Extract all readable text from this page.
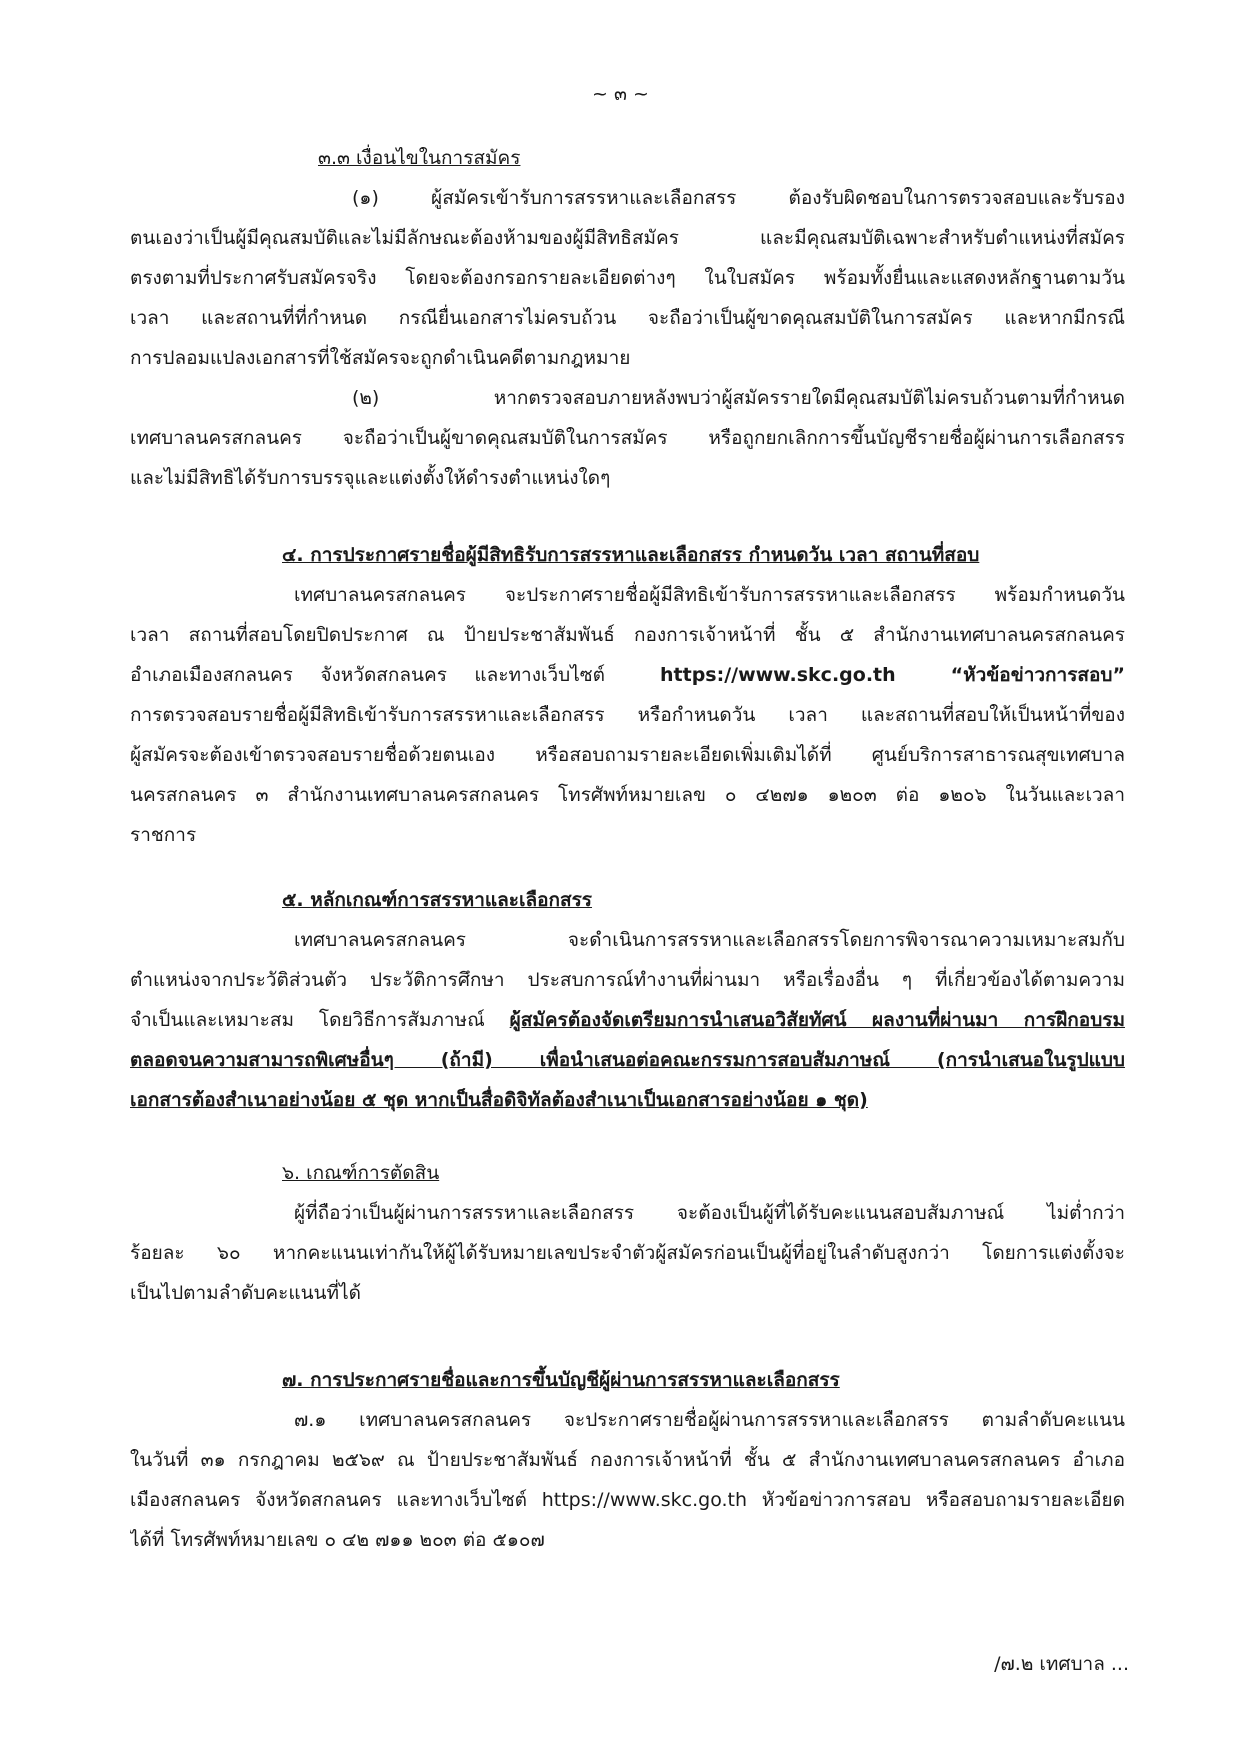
~ ๓ ~
๓.๓ เงื่อนไขในการสมัคร
(๑) ผู้สมัครเข้ารับการสรรหาและเลือกสรร ต้องรับผิดชอบในการตรวจสอบและรับรอง
ตนเองว่าเป็นผู้มีคุณสมบัติและไม่มีลักษณะต้องห้ามของผู้มีสิทธิสมัคร และมีคุณสมบัติเฉพาะสำหรับตำแหน่งที่สมัคร
ตรงตามที่ประกาศรับสมัครจริง โดยจะต้องกรอกรายละเอียดต่างๆ ในใบสมัคร พร้อมทั้งยื่นและแสดงหลักฐานตามวัน
เวลา และสถานที่ที่กำหนด กรณียื่นเอกสารไม่ครบถ้วน จะถือว่าเป็นผู้ขาดคุณสมบัติในการสมัคร และหากมีกรณี
การปลอมแปลงเอกสารที่ใช้สมัครจะถูกดำเนินคดีตามกฎหมาย
(๒) หากตรวจสอบภายหลังพบว่าผู้สมัครรายใดมีคุณสมบัติไม่ครบถ้วนตามที่กำหนด
เทศบาลนครสกลนคร จะถือว่าเป็นผู้ขาดคุณสมบัติในการสมัคร หรือถูกยกเลิกการขึ้นบัญชีรายชื่อผู้ผ่านการเลือกสรร
และไม่มีสิทธิได้รับการบรรจุและแต่งตั้งให้ดำรงตำแหน่งใดๆ
๔. การประกาศรายชื่อผู้มีสิทธิรับการสรรหาและเลือกสรร กำหนดวัน เวลา สถานที่สอบ
เทศบาลนครสกลนคร จะประกาศรายชื่อผู้มีสิทธิเข้ารับการสรรหาและเลือกสรร พร้อมกำหนดวัน
เวลา สถานที่สอบโดยปิดประกาศ ณ ป้ายประชาสัมพันธ์ กองการเจ้าหน้าที่ ชั้น ๕ สำนักงานเทศบาลนครสกลนคร
อำเภอเมืองสกลนคร จังหวัดสกลนคร และทางเว็บไซต์	https://www.skc.go.th	“หัวข้อข่าวการสอบ”
การตรวจสอบรายชื่อผู้มีสิทธิเข้ารับการสรรหาและเลือกสรร หรือกำหนดวัน เวลา และสถานที่สอบให้เป็นหน้าที่ของ
ผู้สมัครจะต้องเข้าตรวจสอบรายชื่อด้วยตนเอง หรือสอบถามรายละเอียดเพิ่มเติมได้ที่ ศูนย์บริการสาธารณสุขเทศบาล
นครสกลนคร ๓ สำนักงานเทศบาลนครสกลนคร โทรศัพท์หมายเลข ๐ ๔๒๗๑ ๑๒๐๓ ต่อ ๑๒๐๖ ในวันและเวลา
ราชการ
๕. หลักเกณฑ์การสรรหาและเลือกสรร
เทศบาลนครสกลนคร จะดำเนินการสรรหาและเลือกสรรโดยการพิจารณาความเหมาะสมกับ
ตำแหน่งจากประวัติส่วนตัว ประวัติการศึกษา ประสบการณ์ทำงานที่ผ่านมา หรือเรื่องอื่น ๆ ที่เกี่ยวข้องได้ตามความ
จำเป็นและเหมาะสม โดยวิธีการสัมภาษณ์ ผู้สมัครต้องจัดเตรียมการนำเสนอวิสัยทัศน์ ผลงานที่ผ่านมา การฝึกอบรม
ตลอดจนความสามารถพิเศษอื่นๆ (ถ้ามี) เพื่อนำเสนอต่อคณะกรรมการสอบสัมภาษณ์ (การนำเสนอในรูปแบบ
เอกสารต้องสำเนาอย่างน้อย ๕ ชุด หากเป็นสื่อดิจิทัลต้องสำเนาเป็นเอกสารอย่างน้อย ๑ ชุด)
๖. เกณฑ์การตัดสิน
ผู้ที่ถือว่าเป็นผู้ผ่านการสรรหาและเลือกสรร จะต้องเป็นผู้ที่ได้รับคะแนนสอบสัมภาษณ์ ไม่ต่ำกว่า
ร้อยละ ๖๐ หากคะแนนเท่ากันให้ผู้ได้รับหมายเลขประจำตัวผู้สมัครก่อนเป็นผู้ที่อยู่ในลำดับสูงกว่า โดยการแต่งตั้งจะ
เป็นไปตามลำดับคะแนนที่ได้
๗. การประกาศรายชื่อและการขึ้นบัญชีผู้ผ่านการสรรหาและเลือกสรร
๗.๑ เทศบาลนครสกลนคร จะประกาศรายชื่อผู้ผ่านการสรรหาและเลือกสรร ตามลำดับคะแนน
ในวันที่ ๓๑ กรกฎาคม ๒๕๖๙ ณ ป้ายประชาสัมพันธ์ กองการเจ้าหน้าที่ ชั้น ๕ สำนักงานเทศบาลนครสกลนคร อำเภอ
เมืองสกลนคร จังหวัดสกลนคร และทางเว็บไซต์ https://www.skc.go.th หัวข้อข่าวการสอบ หรือสอบถามรายละเอียด
ได้ที่ โทรศัพท์หมายเลข ๐ ๔๒ ๗๑๑ ๒๐๓ ต่อ ๕๑๐๗
/๗.๒ เทศบาล ...
